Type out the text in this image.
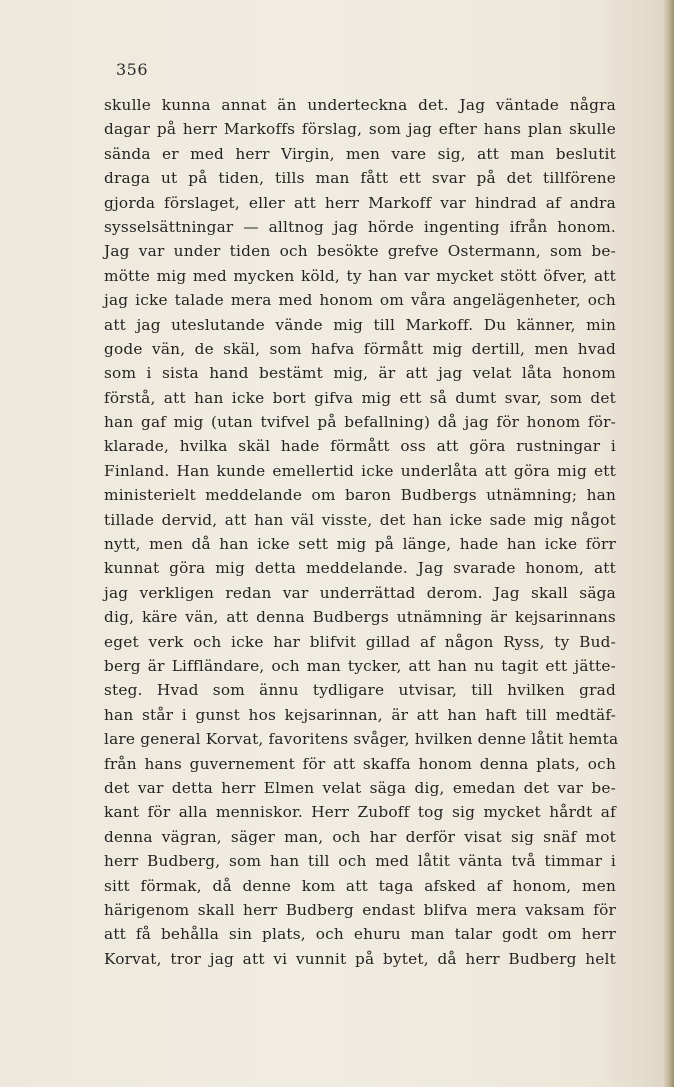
356
skulle kunna annat än underteckna det. Jag väntade några
dagar på herr Markoffs förslag, som jag efter hans plan skulle
sända er med herr Virgin, men vare sig, att man beslutit
draga ut på tiden, tills man fått ett svar på det tillförene
gjorda förslaget, eller att herr Markoff var hindrad af andra
sysselsättningar — alltnog jag hörde ingenting ifrån honom.
Jag var under tiden och besökte grefve Ostermann, som be-
mötte mig med mycken köld, ty han var mycket stött öfver, att
jag icke talade mera med honom om våra angelägenheter, och
att jag uteslutande vände mig till Markoff. Du känner, min
gode vän, de skäl, som hafva förmått mig dertill, men hvad
som i sista hand bestämt mig, är att jag velat låta honom
förstå, att han icke bort gifva mig ett så dumt svar, som det
han gaf mig (utan tvifvel på befallning) då jag för honom för-
klarade, hvilka skäl hade förmått oss att göra rustningar i
Finland. Han kunde emellertid icke underlåta att göra mig ett
ministerielt meddelande om baron Budbergs utnämning; han
tillade dervid, att han väl visste, det han icke sade mig något
nytt, men då han icke sett mig på länge, hade han icke förr
kunnat göra mig detta meddelande. Jag svarade honom, att
jag verkligen redan var underrättad derom. Jag skall säga
dig, käre vän, att denna Budbergs utnämning är kejsarinnans
eget verk och icke har blifvit gillad af någon Ryss, ty Bud-
berg är Liffländare, och man tycker, att han nu tagit ett jätte-
steg. Hvad som ännu tydligare utvisar, till hvilken grad
han står i gunst hos kejsarinnan, är att han haft till medtäf-
lare general Korvat, favoritens svåger, hvilken denne låtit hemta
från hans guvernement för att skaffa honom denna plats, och
det var detta herr Elmen velat säga dig, emedan det var be-
kant för alla menniskor. Herr Zuboff tog sig mycket hårdt af
denna vägran, säger man, och har derför visat sig snäf mot
herr Budberg, som han till och med låtit vänta två timmar i
sitt förmak, då denne kom att taga afsked af honom, men
härigenom skall herr Budberg endast blifva mera vaksam för
att få behålla sin plats, och ehuru man talar godt om herr
Korvat, tror jag att vi vunnit på bytet, då herr Budberg helt
